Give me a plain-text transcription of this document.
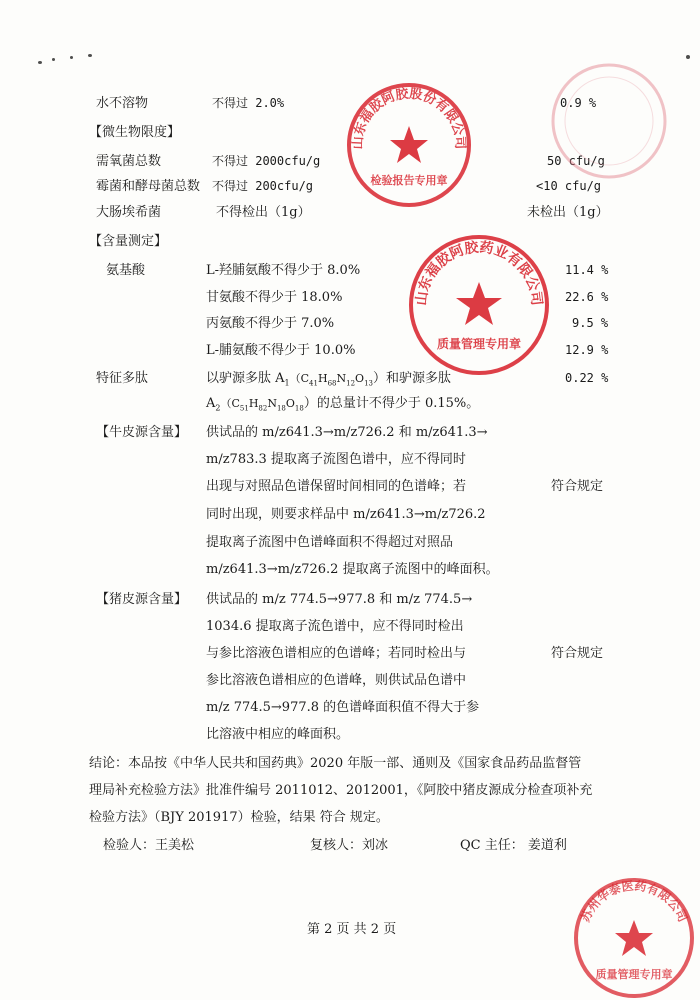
水不溶物	不得过 2.0%	0.9 %
【微生物限度】
需氧菌总数	不得过 2000cfu/g	50 cfu/g
霉菌和酵母菌总数 不得过 200cfu/g	<10 cfu/g
大肠埃希菌	不得检出（1g）	未检出（1g）
【含量测定】
氨基酸	L-羟脯氨酸不得少于 8.0%	11.4 %
甘氨酸不得少于 18.0%	22.6 %
丙氨酸不得少于 7.0%	9.5 %
L-脯氨酸不得少于 10.0%	12.9 %
特征多肽	以驴源多肽 $A_1(C_{41}H_{68}N_{12}O_{13})$和驴源多肽	0.22 %
$A_2(C_{51}H_{82}N_{18}O_{18})$的总量计不得少于 0.15%。
【牛皮源含量】 供试品的 m/z641.3→m/z726.2 和 m/z641.3→
m/z783.3 提取离子流图色谱中，应不得同时
出现与对照品色谱保留时间相同的色谱峰；若	符合规定
同时出现，则要求样品中 m/z641.3→m/z726.2
提取离子流图中色谱峰面积不得超过对照品
m/z641.3→m/z726.2 提取离子流图中的峰面积。
【猪皮源含量】 供试品的 m/z 774.5→977.8 和 m/z 774.5→
1034.6 提取离子流色谱中，应不得同时检出
与参比溶液色谱相应的色谱峰；若同时检出与	符合规定
参比溶液色谱相应的色谱峰，则供试品色谱中
m/z 774.5→977.8 的色谱峰面积值不得大于参
比溶液中相应的峰面积。
结论：本品按《中华人民共和国药典》2020 年版一部、通则及《国家食品药品监督管
理局补充检验方法》批准件编号 2011012、2012001，《阿胶中猪皮源成分检查项补充
检验方法》（BJY 201917）检验，结果 符合 规定。
检验人：王美松	复核人：刘冰	QC 主任： 姜道利
第 2 页 共 2 页
山东福胶阿胶股份有限公司
检验报告专用章
山东福胶阿胶药业有限公司
质量管理专用章
苏州华泰医药有限公司
质量管理专用章
